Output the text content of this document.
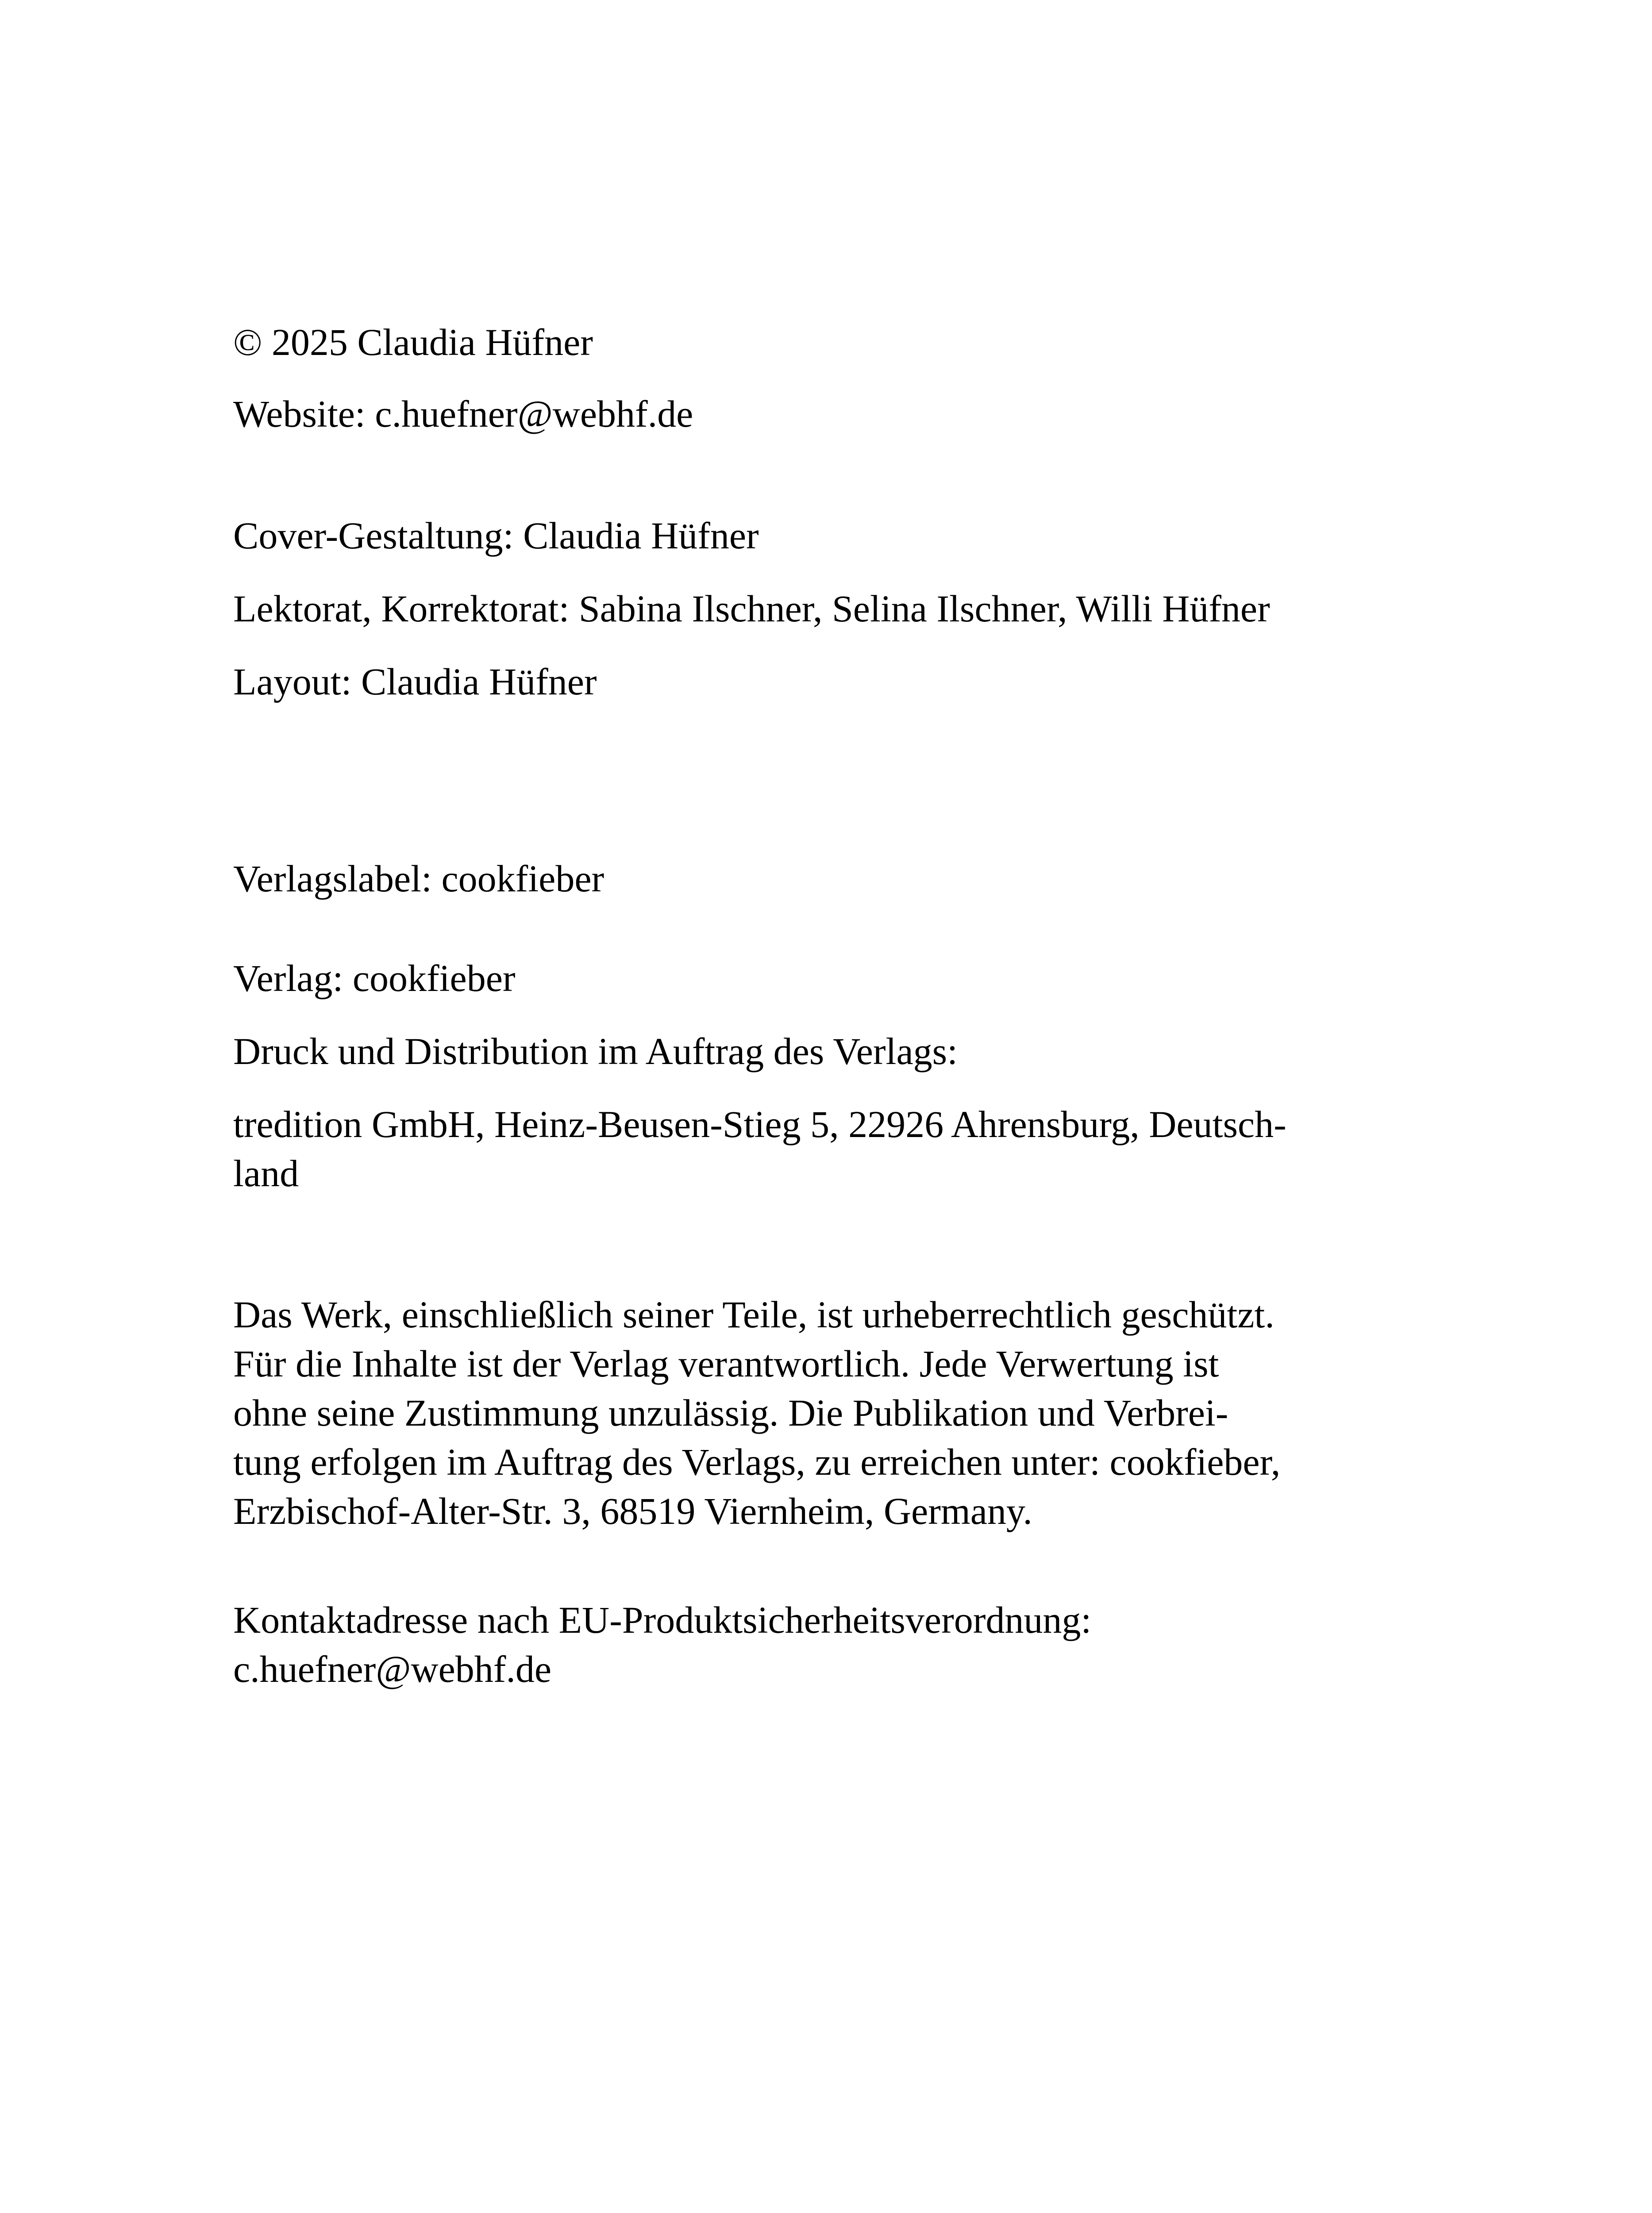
© 2025 Claudia Hüfner
Website: c.huefner@webhf.de
Cover-Gestaltung: Claudia Hüfner
Lektorat, Korrektorat: Sabina Ilschner, Selina Ilschner, Willi Hüfner
Layout: Claudia Hüfner
Verlagslabel: cookfieber
Verlag: cookfieber
Druck und Distribution im Auftrag des Verlags:
tredition GmbH, Heinz-Beusen-Stieg 5, 22926 Ahrensburg, Deutsch-
land
Das Werk, einschließlich seiner Teile, ist urheberrechtlich geschützt.
Für die Inhalte ist der Verlag verantwortlich. Jede Verwertung ist
ohne seine Zustimmung unzulässig. Die Publikation und Verbrei-
tung erfolgen im Auftrag des Verlags, zu erreichen unter: cookfieber,
Erzbischof-Alter-Str. 3, 68519 Viernheim, Germany.
Kontaktadresse nach EU-Produktsicherheitsverordnung:
c.huefner@webhf.de
